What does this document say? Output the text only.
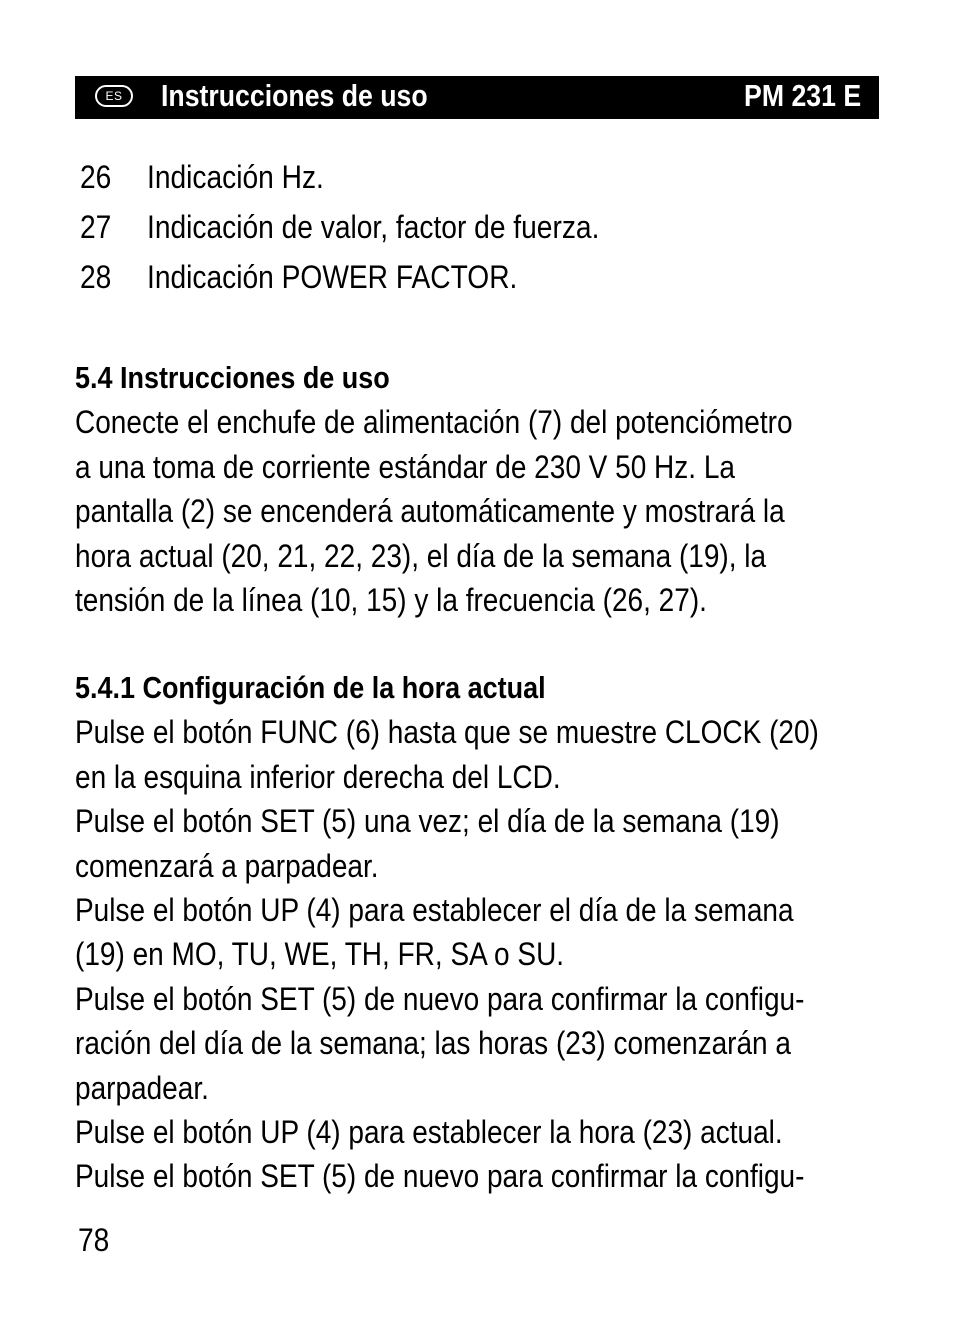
ES	Instrucciones de uso	PM 231 E
26 Indicación Hz.
27 Indicación de valor, factor de fuerza.
28 Indicación POWER FACTOR.
5.4 Instrucciones de uso
Conecte el enchufe de alimentación (7) del potenciómetro
a una toma de corriente estándar de 230 V 50 Hz. La
pantalla (2) se encenderá automáticamente y mostrará la
hora actual (20, 21, 22, 23), el día de la semana (19), la
tensión de la línea (10, 15) y la frecuencia (26, 27).
5.4.1 Configuración de la hora actual
Pulse el botón FUNC (6) hasta que se muestre CLOCK (20)
en la esquina inferior derecha del LCD.
Pulse el botón SET (5) una vez; el día de la semana (19)
comenzará a parpadear.
Pulse el botón UP (4) para establecer el día de la semana
(19) en MO, TU, WE, TH, FR, SA o SU.
Pulse el botón SET (5) de nuevo para confirmar la configu-
ración del día de la semana; las horas (23) comenzarán a
parpadear.
Pulse el botón UP (4) para establecer la hora (23) actual.
Pulse el botón SET (5) de nuevo para confirmar la configu-
78
